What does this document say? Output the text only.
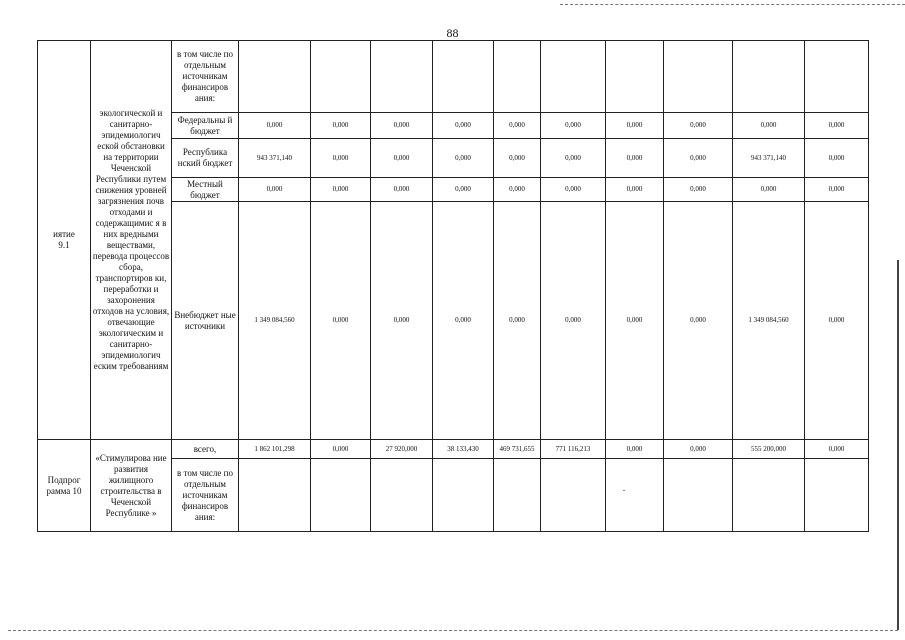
88
иятие
9.1	экологической и санитарно-эпидемиологич еской обстановки на территории Чеченской Республики путем снижения уровней загрязнения почв отходами и содержащимис я в них вредными веществами, перевода процессов сбора, транспортиров ки, переработки и захоронения отходов на условия, отвечающие экологическим и санитарно-эпидемиологич еским требованиям	в том числе по отдельным источникам финансиров ания:										
		Федеральны й бюджет	0,000	0,000	0,000	0,000	0,000	0,000	0,000	0,000	0,000	0,000
		Республика нский бюджет	943 371,140	0,000	0,000	0,000	0,000	0,000	0,000	0,000	943 371,140	0,000
		Местный бюджет	0,000	0,000	0,000	0,000	0,000	0,000	0,000	0,000	0,000	0,000
		Внебюджет ные источники	1 349 084,560	0,000	0,000	0,000	0,000	0,000	0,000	0,000	1 349 084,560	0,000
Подпрог рамма 10	«Стимулирова ние развития жилищного строительства в Чеченской Республике »	всего,	1 862 101,298	0,000	27 920,000	38 133,430	469 731,655	771 116,213	0,000	0,000	555 200,000	0,000
		в том числе по отдельным источникам финансиров ания:										
